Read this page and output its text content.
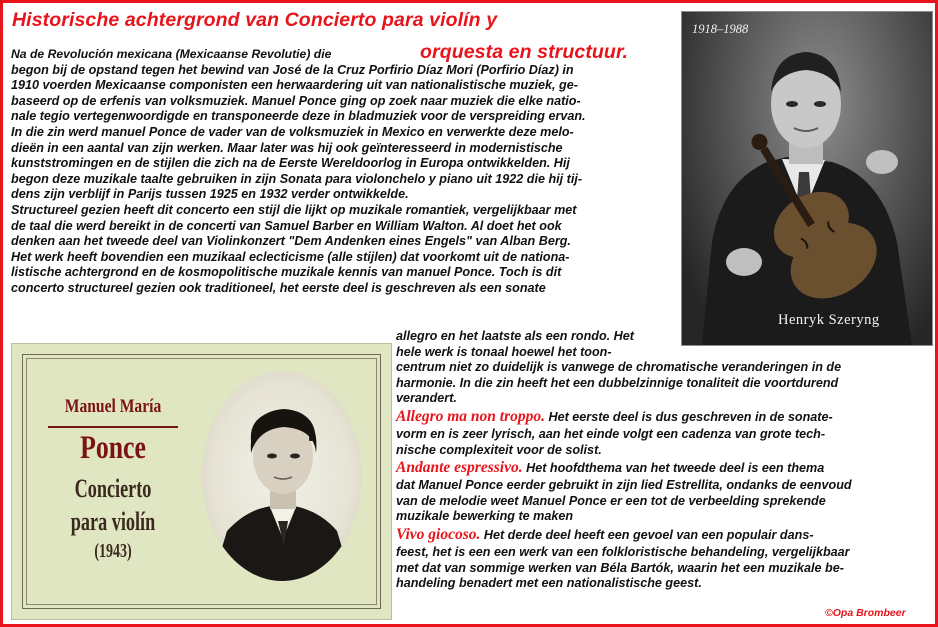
Historische achtergrond van Concierto para violín y
orquesta en structuur.
Na de Revolución mexicana (Mexicaanse Revolutie) die
begon bij de opstand tegen het bewind van José de la Cruz Porfirio Díaz Mori (Porfirio Díaz) in
1910 voerden Mexicaanse componisten een herwaardering uit van nationalistische muziek, ge-
baseerd op de erfenis van volksmuziek. Manuel Ponce ging op zoek naar muziek die elke natio-
nale tegio vertegenwoordigde en transponeerde deze in bladmuziek voor de verspreiding ervan.
In die zin werd manuel Ponce de vader van de volksmuziek in Mexico en verwerkte deze melo-
dieën in een aantal van zijn werken. Maar later was hij ook geïnteresseerd in modernistische
kunststromingen en de stijlen die zich na de Eerste Wereldoorlog in Europa ontwikkelden. Hij
begon deze muzikale taalte gebruiken in zijn Sonata para violonchelo y piano uit 1922 die hij tij-
dens zijn verblijf in Parijs tussen 1925 en 1932 verder ontwikkelde.
Structureel gezien heeft dit concerto een stijl die lijkt op muzikale romantiek, vergelijkbaar met
de taal die werd bereikt in de concerti van Samuel Barber en William Walton. Al doet het ook
denken aan het tweede deel van Violinkonzert "Dem Andenken eines Engels" van Alban Berg.
Het werk heeft bovendien een muzikaal eclecticisme (alle stijlen) dat voorkomt uit de nationa-
listische achtergrond en de kosmopolitische muzikale kennis van manuel Ponce. Toch is dit
concerto structureel gezien ook traditioneel, het eerste deel is geschreven als een sonate
1918–1988
Henryk Szeryng

Manuel María

Ponce

Concierto

para violín

(1943)

allegro en het laatste als een rondo. Het
hele werk is tonaal hoewel het toon-
centrum niet zo duidelijk is vanwege de chromatische veranderingen in de
harmonie. In die zin heeft het een dubbelzinnige tonaliteit die voortdurend
verandert.
Allegro ma non troppo. Het eerste deel is dus geschreven in de sonate-
vorm en is zeer lyrisch, aan het einde volgt een cadenza van grote tech-
nische complexiteit voor de solist.
Andante espressivo. Het hoofdthema van het tweede deel is een thema
dat Manuel Ponce eerder gebruikt in zijn lied Estrellita, ondanks de eenvoud
van de melodie weet Manuel Ponce er een tot de verbeelding sprekende
muzikale bewerking te maken
Vivo giocoso. Het derde deel heeft een gevoel van een populair dans-
feest, het is een een werk van een folkloristische behandeling, vergelijkbaar
met dat van sommige werken van Béla Bartók, waarin het een muzikale be-
handeling benadert met een nationalistische geest.
©Opa Brombeer
